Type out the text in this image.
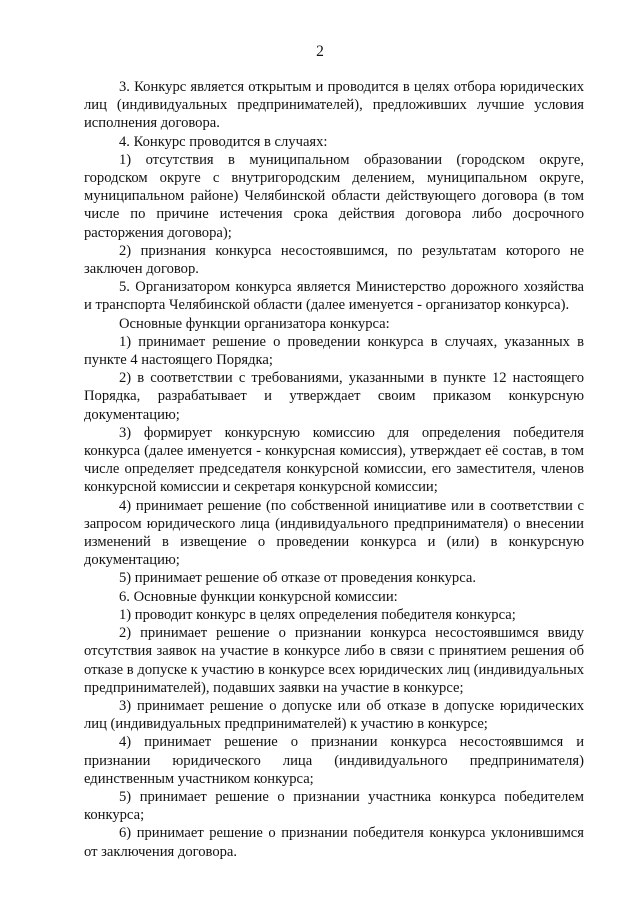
2

3. Конкурс является открытым и проводится в целях отбора юридических лиц (индивидуальных предпринимателей), предложивших лучшие условия исполнения договора.

4. Конкурс проводится в случаях:

1) отсутствия в муниципальном образовании (городском округе, городском округе с внутригородским делением, муниципальном округе, муниципальном районе) Челябинской области действующего договора (в том числе по причине истечения срока действия договора либо досрочного расторжения договора);

2) признания конкурса несостоявшимся, по результатам которого не заключен договор.

5. Организатором конкурса является Министерство дорожного хозяйства и транспорта Челябинской области (далее именуется - организатор конкурса).

Основные функции организатора конкурса:

1) принимает решение о проведении конкурса в случаях, указанных в пункте 4 настоящего Порядка;

2) в соответствии с требованиями, указанными в пункте 12 настоящего Порядка, разрабатывает и утверждает своим приказом конкурсную документацию;

3) формирует конкурсную комиссию для определения победителя конкурса (далее именуется - конкурсная комиссия), утверждает её состав, в том числе определяет председателя конкурсной комиссии, его заместителя, членов конкурсной комиссии и секретаря конкурсной комиссии;

4) принимает решение (по собственной инициативе или в соответствии с запросом юридического лица (индивидуального предпринимателя) о внесении изменений в извещение о проведении конкурса и (или) в конкурсную документацию;

5) принимает решение об отказе от проведения конкурса.

6. Основные функции конкурсной комиссии:

1) проводит конкурс в целях определения победителя конкурса;

2) принимает решение о признании конкурса несостоявшимся ввиду отсутствия заявок на участие в конкурсе либо в связи с принятием решения об отказе в допуске к участию в конкурсе всех юридических лиц (индивидуальных предпринимателей), подавших заявки на участие в конкурсе;

3) принимает решение о допуске или об отказе в допуске юридических лиц (индивидуальных предпринимателей) к участию в конкурсе;

4) принимает решение о признании конкурса несостоявшимся и признании юридического лица (индивидуального предпринимателя) единственным участником конкурса;

5) принимает решение о признании участника конкурса победителем конкурса;

6) принимает решение о признании победителя конкурса уклонившимся от заключения договора.
